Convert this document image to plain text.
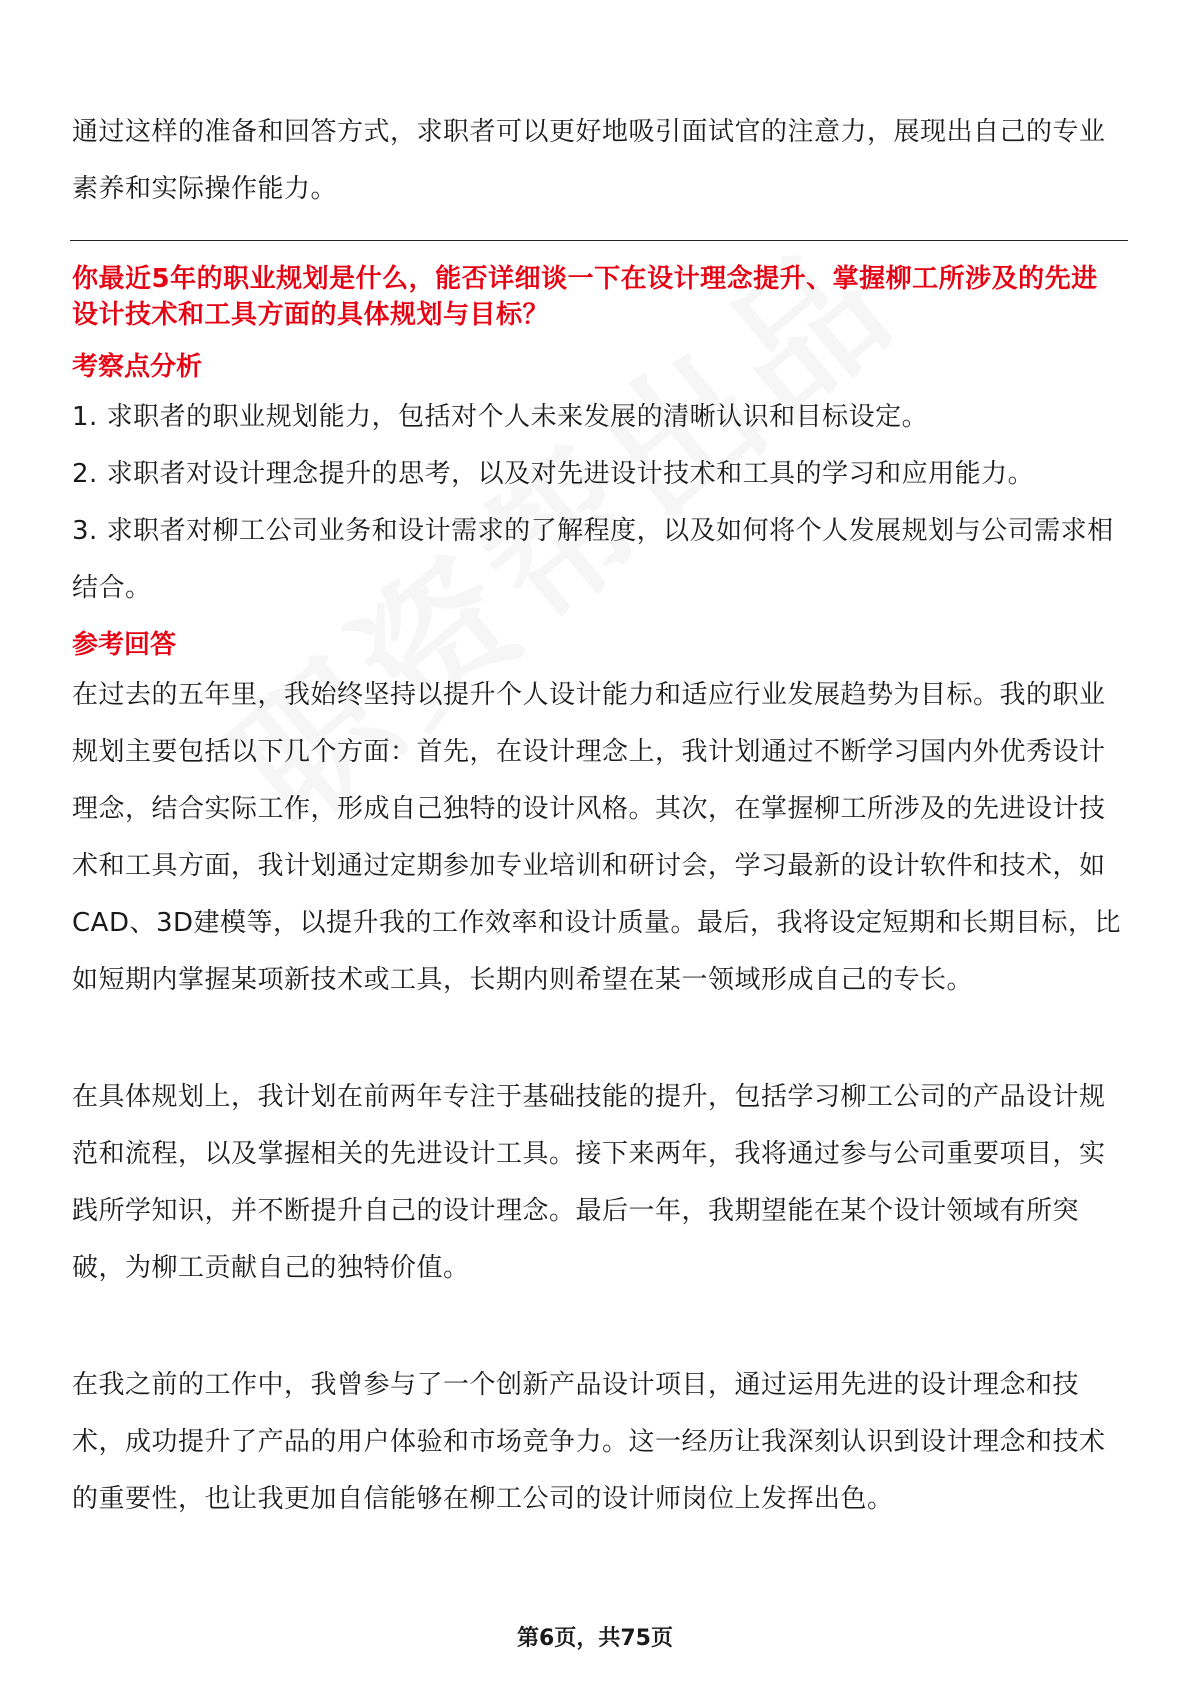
通过这样的准备和回答方式，求职者可以更好地吸引面试官的注意力，展现出自己的专业素养和实际操作能力。

你最近5年的职业规划是什么，能否详细谈一下在设计理念提升、掌握柳工所涉及的先进设计技术和工具方面的具体规划与目标？

考察点分析

1. 求职者的职业规划能力，包括对个人未来发展的清晰认识和目标设定。

2. 求职者对设计理念提升的思考，以及对先进设计技术和工具的学习和应用能力。

3. 求职者对柳工公司业务和设计需求的了解程度，以及如何将个人发展规划与公司需求相结合。

参考回答

在过去的五年里，我始终坚持以提升个人设计能力和适应行业发展趋势为目标。我的职业规划主要包括以下几个方面：首先，在设计理念上，我计划通过不断学习国内外优秀设计理念，结合实际工作，形成自己独特的设计风格。其次，在掌握柳工所涉及的先进设计技术和工具方面，我计划通过定期参加专业培训和研讨会，学习最新的设计软件和技术，如CAD、3D建模等，以提升我的工作效率和设计质量。最后，我将设定短期和长期目标，比如短期内掌握某项新技术或工具，长期内则希望在某一领域形成自己的专长。

在具体规划上，我计划在前两年专注于基础技能的提升，包括学习柳工公司的产品设计规范和流程，以及掌握相关的先进设计工具。接下来两年，我将通过参与公司重要项目，实践所学知识，并不断提升自己的设计理念。最后一年，我期望能在某个设计领域有所突破，为柳工贡献自己的独特价值。

在我之前的工作中，我曾参与了一个创新产品设计项目，通过运用先进的设计理念和技术，成功提升了产品的用户体验和市场竞争力。这一经历让我深刻认识到设计理念和技术的重要性，也让我更加自信能够在柳工公司的设计师岗位上发挥出色。

第6页，共75页
